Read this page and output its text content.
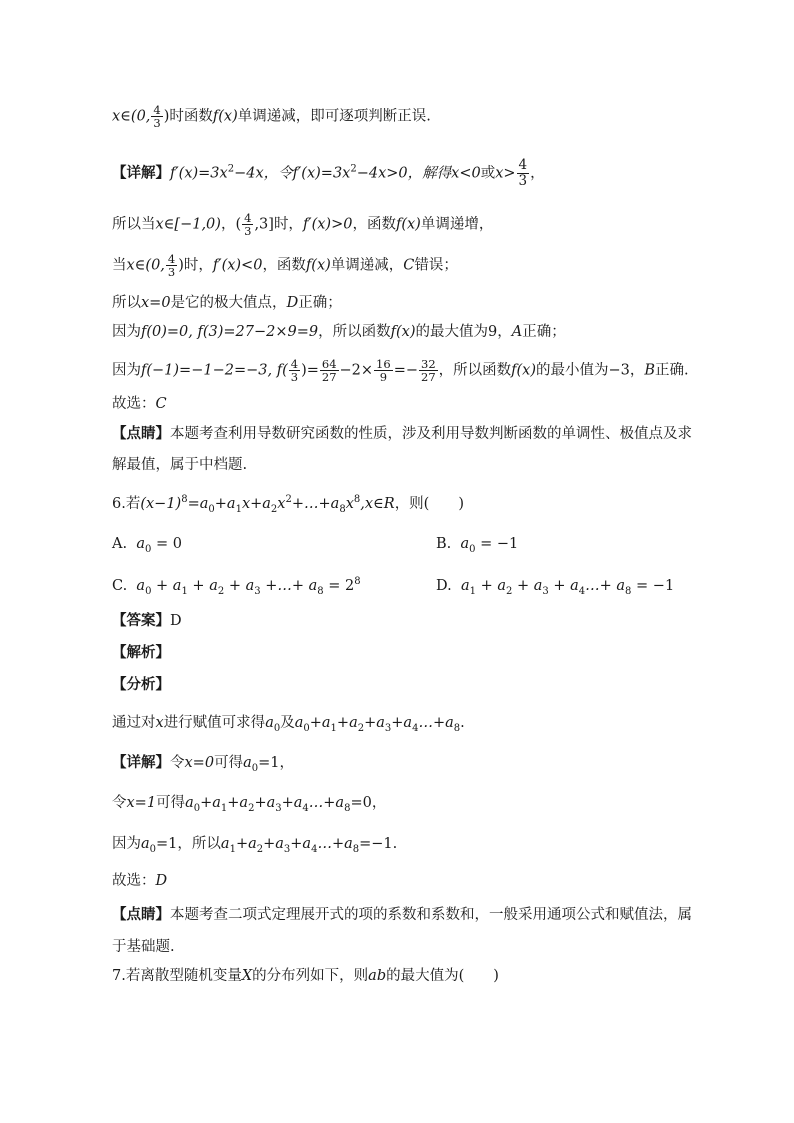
x∈(0, $\frac{4}{3}$ )时函数f(x)单调递减，即可逐项判断正误.
【详解】$f'(x)=3x^2-4x$，令$f'(x)=3x^2-4x>0$，解得x<0或$x> \frac{4}{3}$ ，
所以当x∈[−1,0)，( $\frac{4}{3} ,3$]时，f′(x)>0，函数f(x)单调递增，
当x∈(0, $\frac{4}{3}$ )时，f′(x)<0，函数f(x)单调递减，C错误；
所以x=0是它的极大值点，D正确；
因为f(0)=0, f(3)=27−2×9=9，所以函数f(x)的最大值为9，A正确；
因为f(−1)=−1−2=−3, $f( \frac{4}{3}$ )= $\frac{64}{27} -2\times \frac{16}{9} =- \frac{32}{27}$ ，所以函数f(x)的最小值为−3，B正确.
故选：C
【点睛】本题考查利用导数研究函数的性质，涉及利用导数判断函数的单调性、极值点及求
解最值，属于中档题.
6.若$(x-1)^8=a_0+a_1x+a_2x^2+\dots+a_8x^8,x\in R$，则(　　)
A. $a_0 = 0$	B. $a_0 = -1$
C. $a_0 + a_1 + a_2 + a_3$ +…+ $a_8 = 2^8$	D. $a_1 + a_2 + a_3$ + $a_4\dots+ a_8 = -1$
【答案】D
【解析】
【分析】
通过对x进行赋值可求得$a_0$及$a_0+a_1+a_2+a_3+a_4\dots+a_8$.
【详解】令x=0可得$a_0=1$，
令x=1可得$a_0+a_1+a_2+a_3+a_4\dots+a_8=0$，
因为$a_0=1$，所以$a_1+a_2+a_3+a_4\dots+a_8=-1$.
故选：D
【点睛】本题考查二项式定理展开式的项的系数和系数和，一般采用通项公式和赋值法，属
于基础题.
7.若离散型随机变量X的分布列如下，则ab的最大值为(　　)
